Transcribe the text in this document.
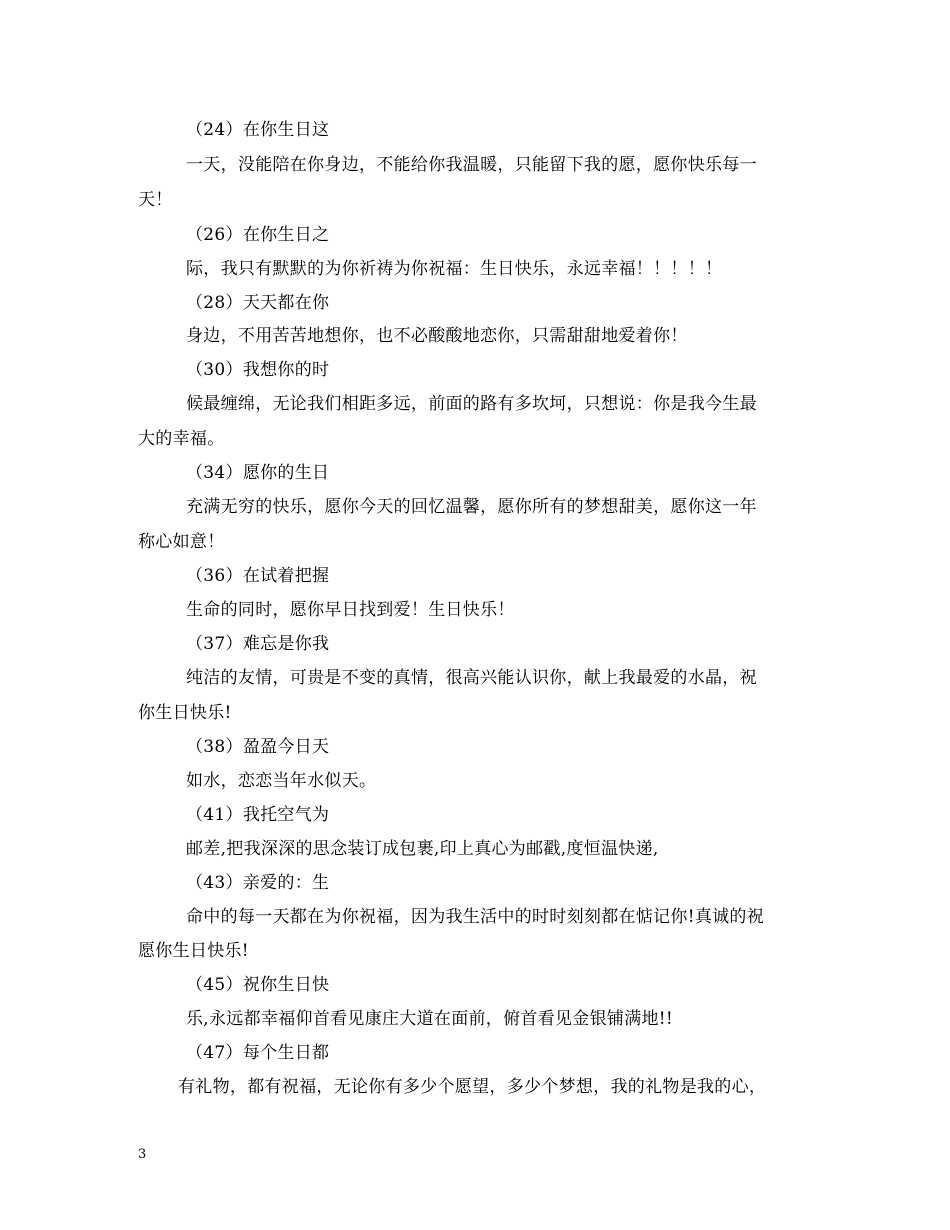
（24）在你生日这
一天，没能陪在你身边，不能给你我温暖，只能留下我的愿，愿你快乐每一
天！
（26）在你生日之
际，我只有默默的为你祈祷为你祝福：生日快乐，永远幸福！！！！！
（28）天天都在你
身边，不用苦苦地想你，也不必酸酸地恋你，只需甜甜地爱着你！
（30）我想你的时
候最缠绵，无论我们相距多远，前面的路有多坎坷，只想说：你是我今生最
大的幸福。
（34）愿你的生日
充满无穷的快乐，愿你今天的回忆温馨，愿你所有的梦想甜美，愿你这一年
称心如意！
（36）在试着把握
生命的同时，愿你早日找到爱！生日快乐！
（37）难忘是你我
纯洁的友情，可贵是不变的真情，很高兴能认识你，献上我最爱的水晶，祝
你生日快乐!
（38）盈盈今日天
如水，恋恋当年水似天。
（41）我托空气为
邮差,把我深深的思念装订成包裹,印上真心为邮戳,度恒温快递,
（43）亲爱的：生
命中的每一天都在为你祝福，因为我生活中的时时刻刻都在惦记你!真诚的祝
愿你生日快乐!
（45）祝你生日快
乐,永远都幸福仰首看见康庄大道在面前，俯首看见金银铺满地!!
（47）每个生日都
有礼物，都有祝福，无论你有多少个愿望，多少个梦想，我的礼物是我的心，
3
